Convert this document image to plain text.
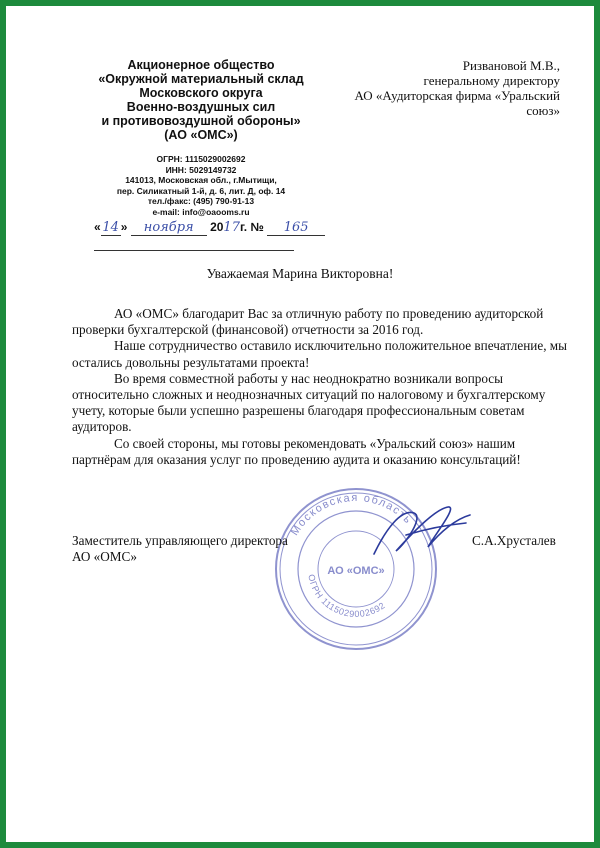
Акционерное общество
«Окружной материальный склад
Московского округа
Военно-воздушных сил
и противовоздушной обороны»
(АО «ОМС»)
ОГРН: 1115029002692
ИНН: 5029149732
141013, Московская обл., г.Мытищи,
пер. Силикатный 1-й, д. 6, лит. Д, оф. 14
тел./факс: (495) 790-91-13
e-mail: info@oaooms.ru
Ризвановой М.В.,
генеральному директору
АО «Аудиторская фирма «Уральский
союз»
« 14 » ноября 2017г. № 165
Уважаемая Марина Викторовна!

АО «ОМС» благодарит Вас за отличную работу по проведению аудиторской проверки бухгалтерской (финансовой) отчетности за 2016 год.

Наше сотрудничество оставило исключительно положительное впечатление, мы остались довольны результатами проекта!

Во время совместной работы у нас неоднократно возникали вопросы относительно сложных и неоднозначных ситуаций по налоговому и бухгалтерскому учету, которые были успешно разрешены благодаря профессиональным советам аудиторов.

Со своей стороны, мы готовы рекомендовать «Уральский союз» нашим партнёрам для оказания услуг по проведению аудита и оказанию консультаций!

Московская область
ОГРН 1115029002692
АО «ОМС»
Заместитель управляющего директора
АО «ОМС»
С.А.Хрусталев
